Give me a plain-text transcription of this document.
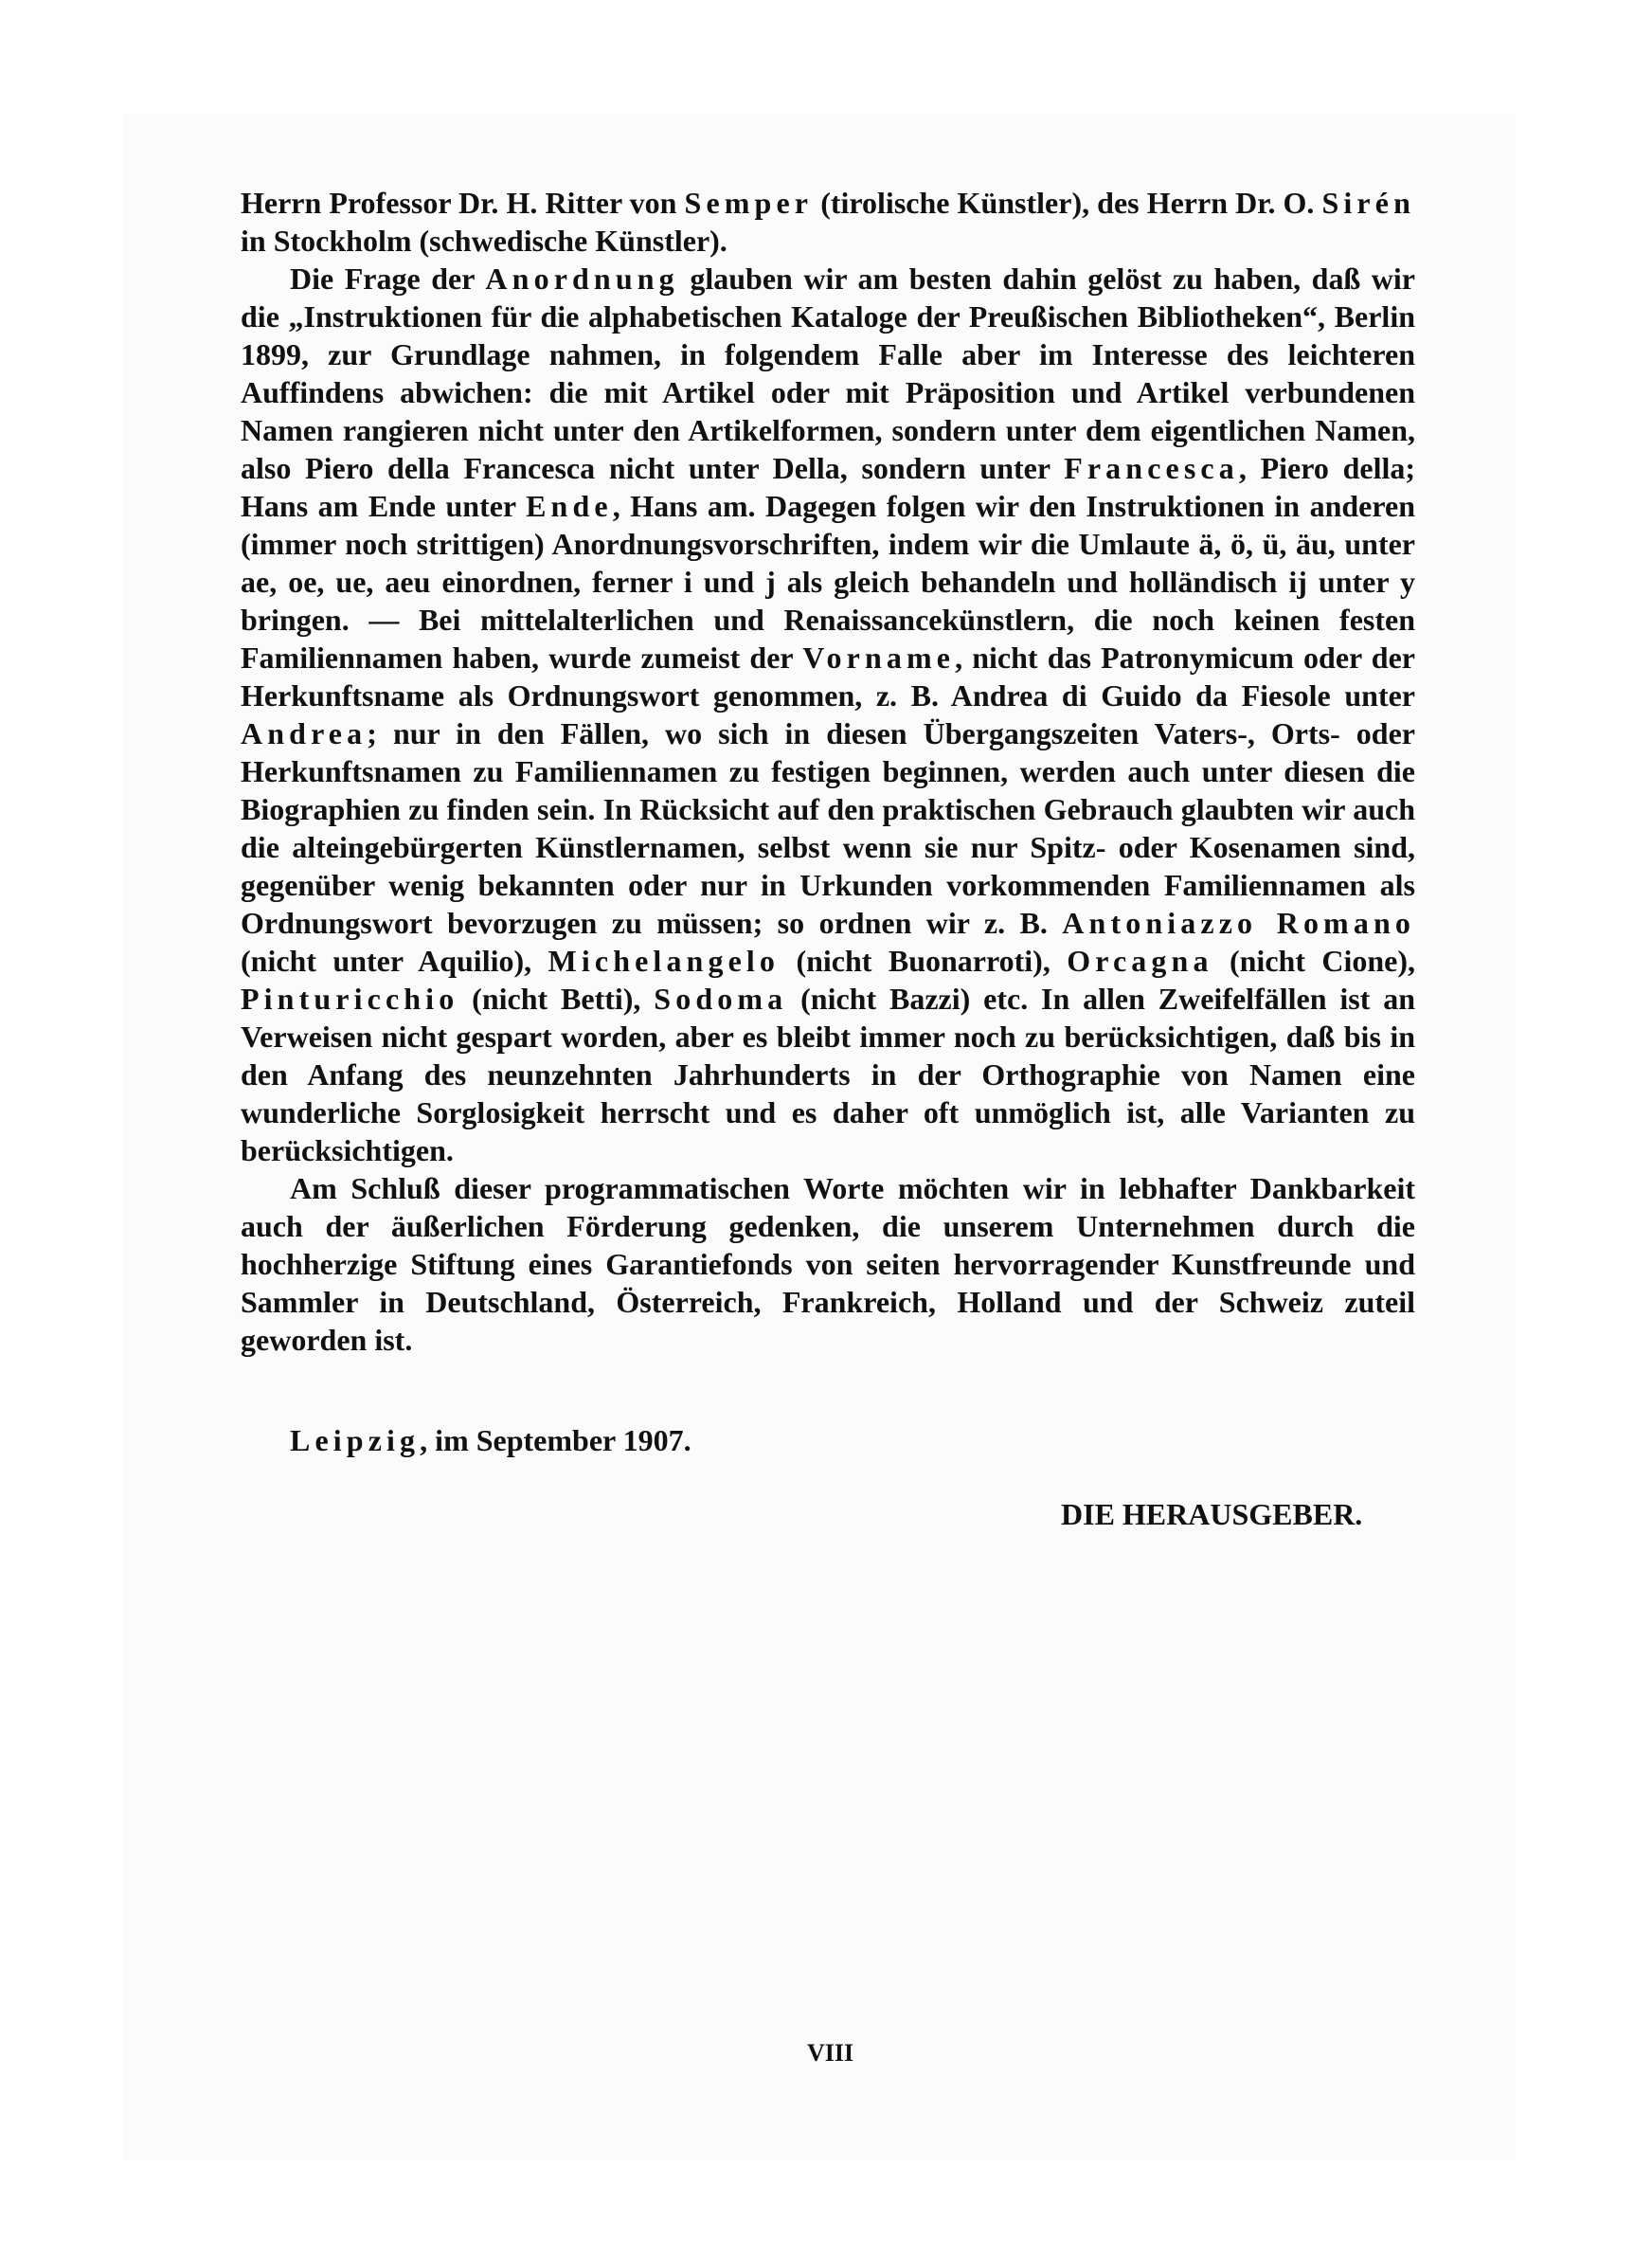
Herrn Professor Dr. H. Ritter von Semper (tirolische Künstler), des Herrn Dr. O. Sirén in Stockholm (schwedische Künstler).

Die Frage der Anordnung glauben wir am besten dahin gelöst zu haben, daß wir die „Instruktionen für die alphabetischen Kataloge der Preußischen Bibliotheken“, Berlin 1899, zur Grundlage nahmen, in folgendem Falle aber im Interesse des leichteren Auffindens abwichen: die mit Artikel oder mit Präposition und Artikel verbundenen Namen rangieren nicht unter den Artikelformen, sondern unter dem eigentlichen Namen, also Piero della Francesca nicht unter Della, sondern unter Francesca, Piero della; Hans am Ende unter Ende, Hans am. Dagegen folgen wir den Instruktionen in anderen (immer noch strittigen) Anordnungsvorschriften, indem wir die Umlaute ä, ö, ü, äu, unter ae, oe, ue, aeu einordnen, ferner i und j als gleich behandeln und holländisch ij unter y bringen. — Bei mittelalterlichen und Renaissancekünstlern, die noch keinen festen Familiennamen haben, wurde zumeist der Vorname, nicht das Patronymicum oder der Herkunftsname als Ordnungswort genommen, z. B. Andrea di Guido da Fiesole unter Andrea; nur in den Fällen, wo sich in diesen Übergangszeiten Vaters-, Orts- oder Herkunftsnamen zu Familiennamen zu festigen beginnen, werden auch unter diesen die Biographien zu finden sein. In Rücksicht auf den praktischen Gebrauch glaubten wir auch die alteingebürgerten Künstlernamen, selbst wenn sie nur Spitz- oder Kosenamen sind, gegenüber wenig bekannten oder nur in Urkunden vorkommenden Familiennamen als Ordnungswort bevorzugen zu müssen; so ordnen wir z. B. Antoniazzo Romano (nicht unter Aquilio), Michelangelo (nicht Buonarroti), Orcagna (nicht Cione), Pinturicchio (nicht Betti), Sodoma (nicht Bazzi) etc. In allen Zweifelfällen ist an Verweisen nicht gespart worden, aber es bleibt immer noch zu berücksichtigen, daß bis in den Anfang des neunzehnten Jahrhunderts in der Orthographie von Namen eine wunderliche Sorglosigkeit herrscht und es daher oft unmöglich ist, alle Varianten zu berücksichtigen.

Am Schluß dieser programmatischen Worte möchten wir in lebhafter Dankbarkeit auch der äußerlichen Förderung gedenken, die unserem Unternehmen durch die hochherzige Stiftung eines Garantiefonds von seiten hervorragender Kunstfreunde und Sammler in Deutschland, Österreich, Frankreich, Holland und der Schweiz zuteil geworden ist.

Leipzig, im September 1907.
DIE HERAUSGEBER.
VIII
